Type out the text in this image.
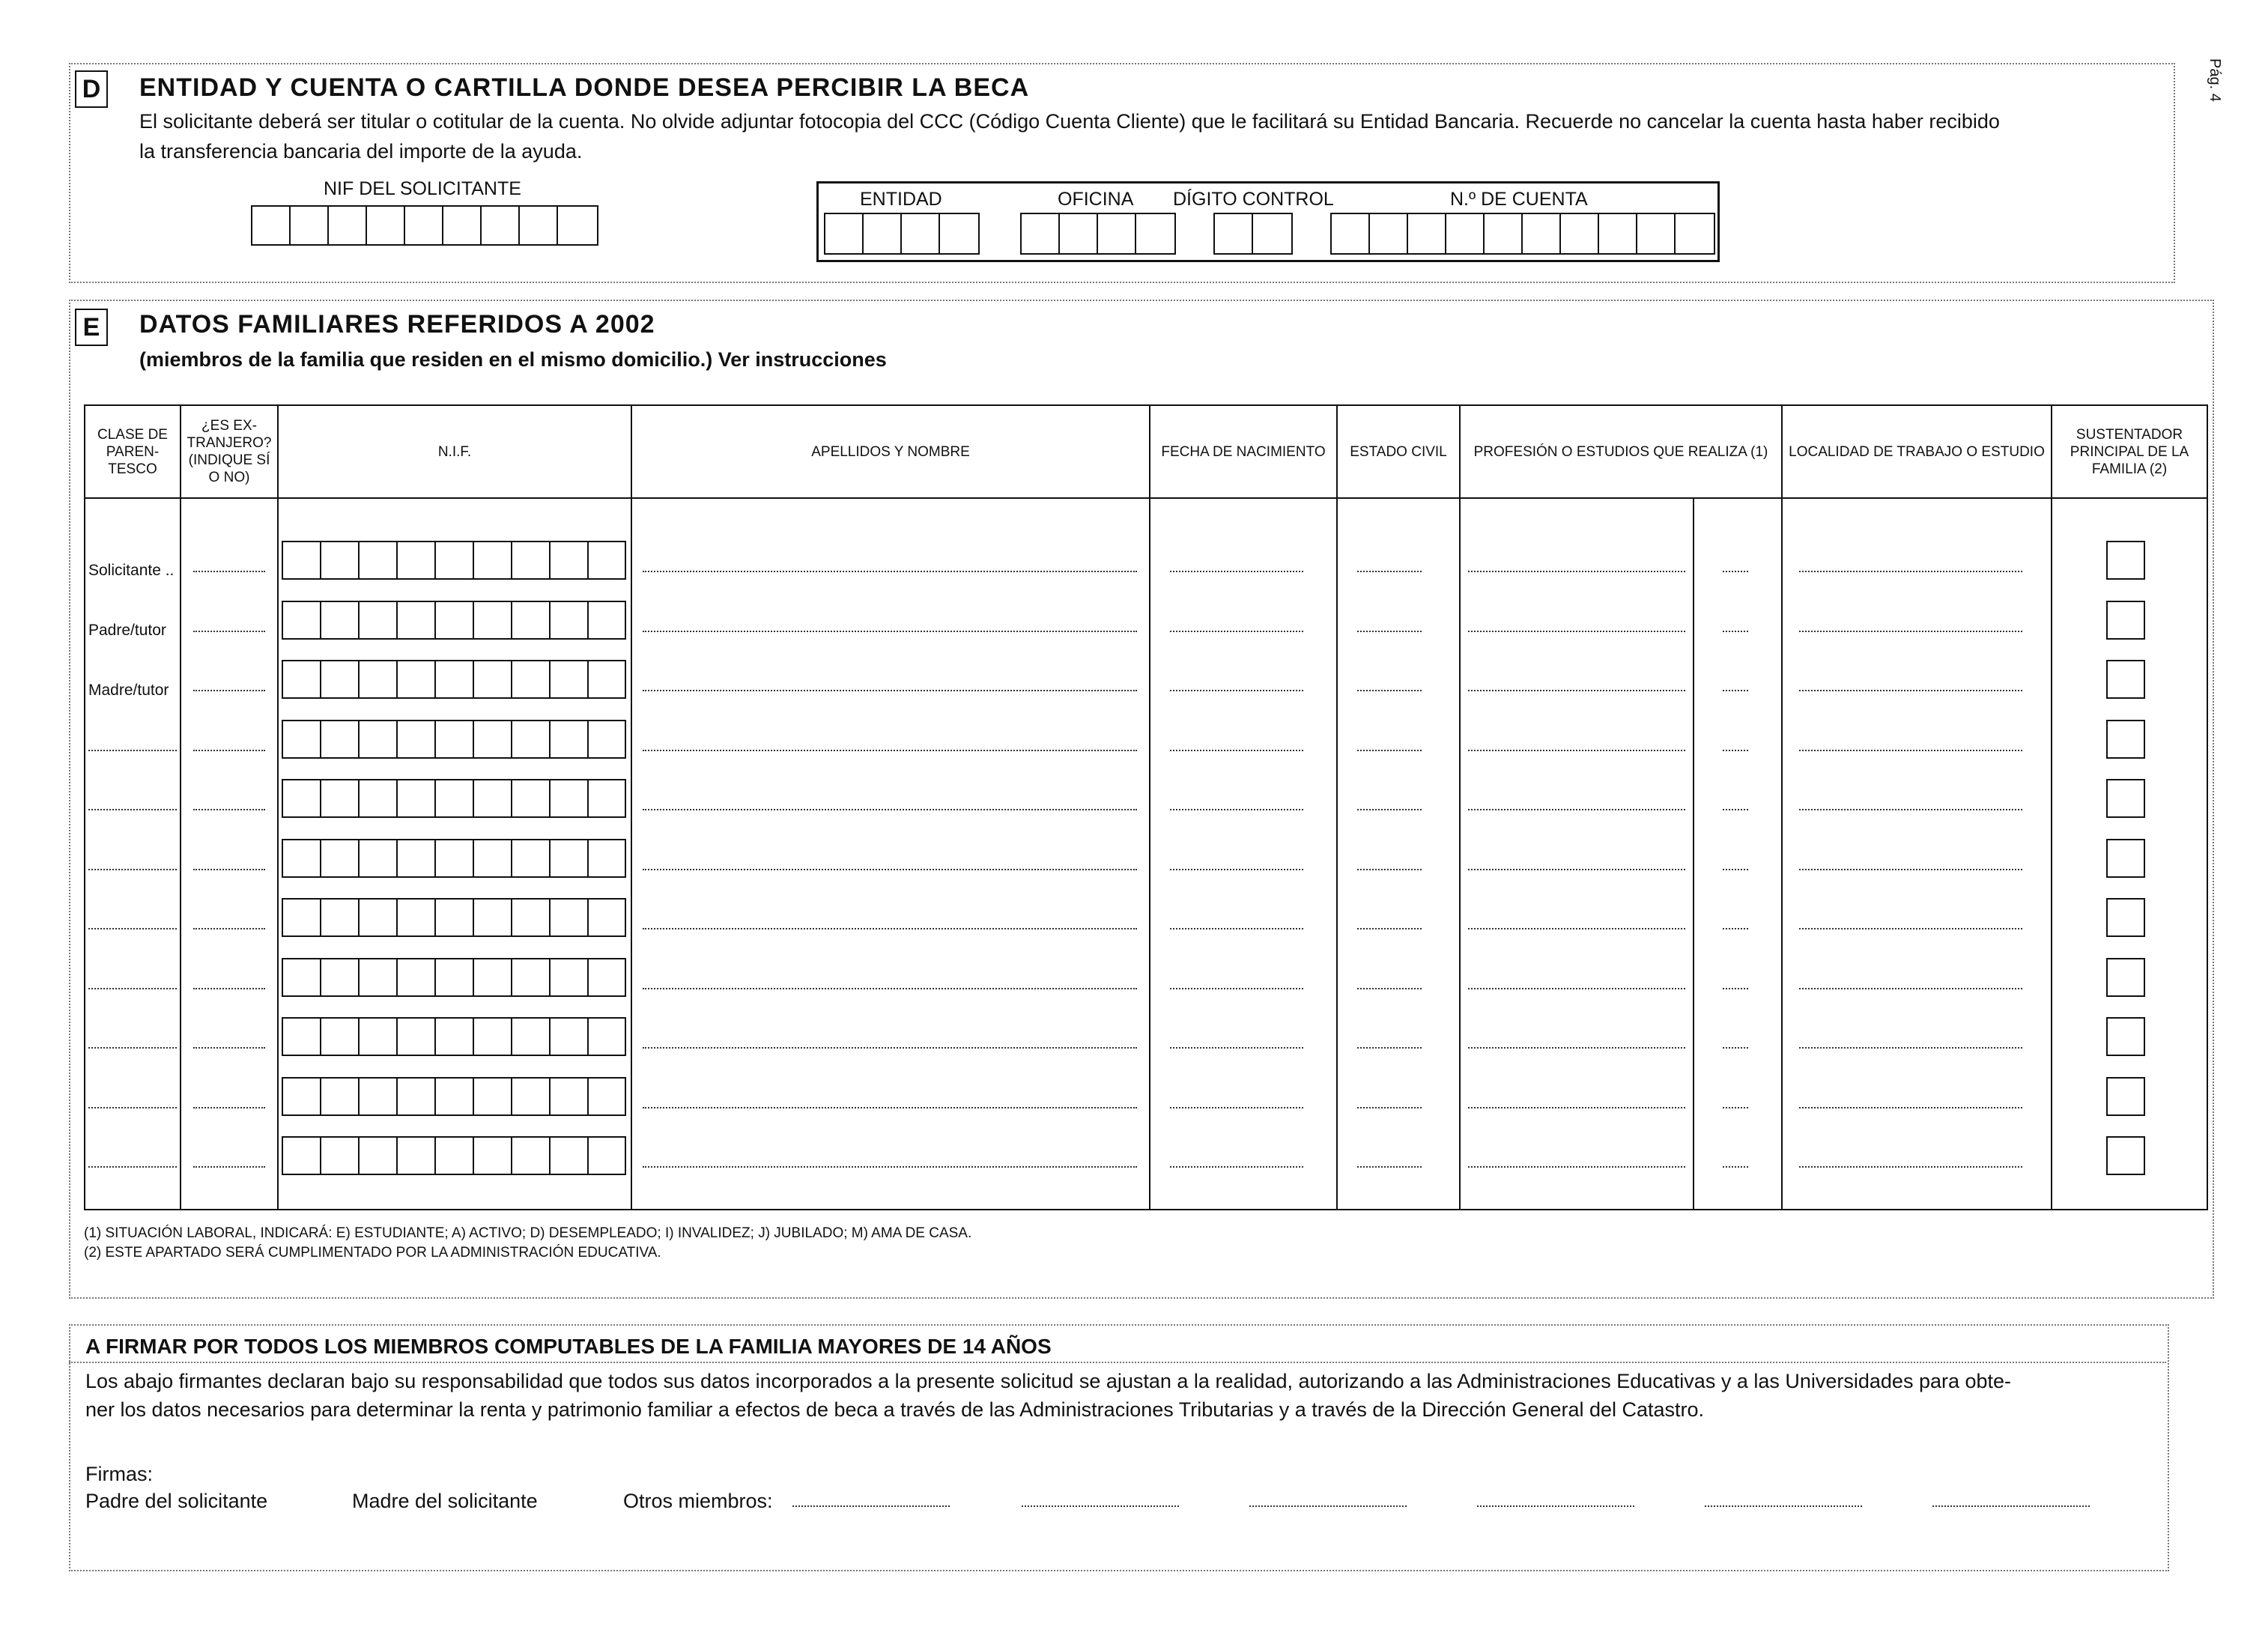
Pág. 4
D ENTIDAD Y CUENTA O CARTILLA DONDE DESEA PERCIBIR LA BECA
El solicitante deberá ser titular o cotitular de la cuenta. No olvide adjuntar fotocopia del CCC (Código Cuenta Cliente) que le facilitará su Entidad Bancaria. Recuerde no cancelar la cuenta hasta haber recibido
la transferencia bancaria del importe de la ayuda.
NIF DEL SOLICITANTE	ENTIDAD	OFICINA DÍGITO CONTROL	N.º DE CUENTA
E	DATOS FAMILIARES REFERIDOS A 2002
(miembros de la familia que residen en el mismo domicilio.) Ver instrucciones
CLASE DE PAREN- TESCO	¿ES EX- TRANJERO? (INDIQUE SÍ O NO)	N.I.F.	APELLIDOS Y NOMBRE	FECHA DE NACIMIENTO	ESTADO CIVIL	PROFESIÓN O ESTUDIOS QUE REALIZA (1)		LOCALIDAD DE TRABAJO O ESTUDIO	SUSTENTADOR PRINCIPAL DE LA FAMILIA (2)

Solicitante ..
Padre/tutor
Madre/tutor
(1) SITUACIÓN LABORAL, INDICARÁ: E) ESTUDIANTE; A) ACTIVO; D) DESEMPLEADO; I) INVALIDEZ; J) JUBILADO; M) AMA DE CASA.
(2) ESTE APARTADO SERÁ CUMPLIMENTADO POR LA ADMINISTRACIÓN EDUCATIVA.
A FIRMAR POR TODOS LOS MIEMBROS COMPUTABLES DE LA FAMILIA MAYORES DE 14 AÑOS
Los abajo firmantes declaran bajo su responsabilidad que todos sus datos incorporados a la presente solicitud se ajustan a la realidad, autorizando a las Administraciones Educativas y a las Universidades para obte-
ner los datos necesarios para determinar la renta y patrimonio familiar a efectos de beca a través de las Administraciones Tributarias y a través de la Dirección General del Catastro.
Firmas:
Padre del solicitante	Madre del solicitante	Otros miembros:
